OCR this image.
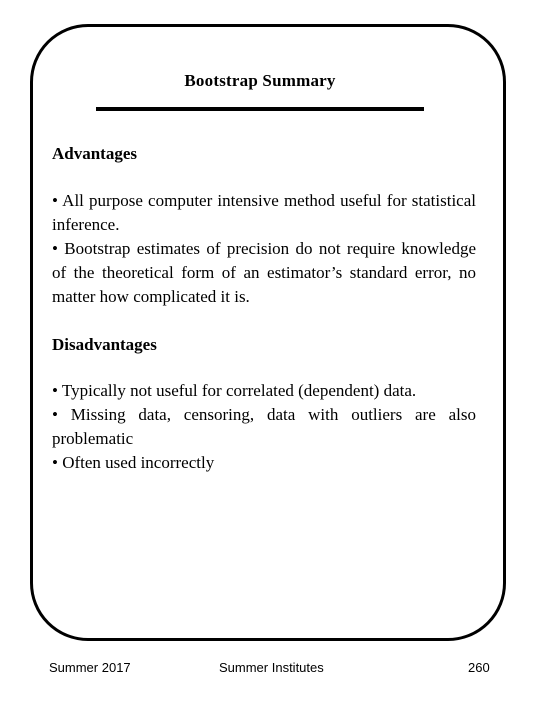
Bootstrap Summary
Advantages

• All purpose computer intensive method useful for statistical inference.

• Bootstrap estimates of precision do not require knowledge of the theoretical form of an estimator’s standard error, no matter how complicated it is.

Disadvantages

• Typically not useful for correlated (dependent) data.

• Missing data, censoring, data with outliers are also problematic

• Often used incorrectly

Summer 2017	Summer Institutes	260
